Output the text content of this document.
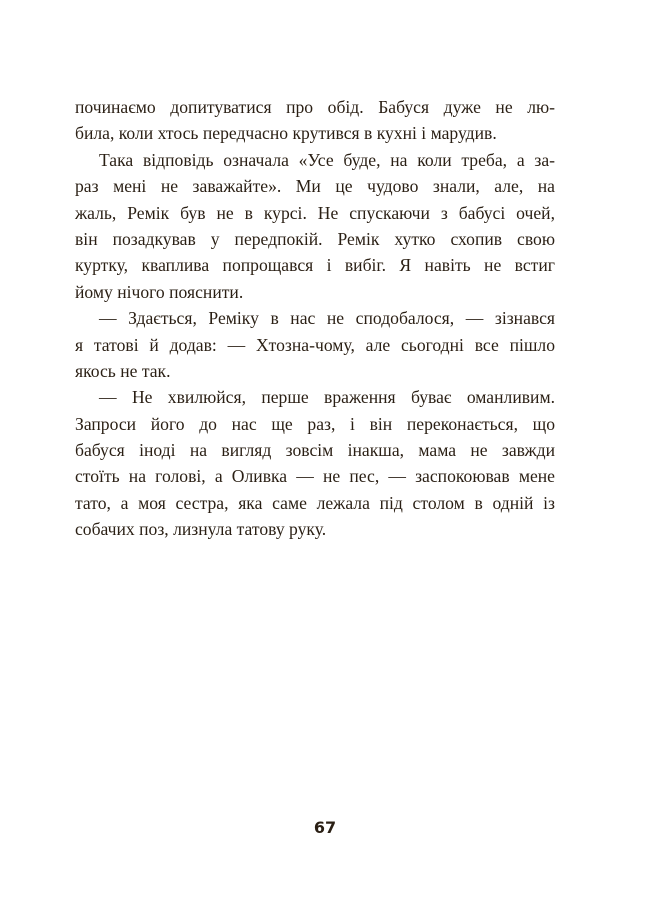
починаємо допитуватися про обід. Бабуся дуже не лю-
била, коли хтось передчасно крутився в кухні і марудив.
Така відповідь означала «Усе буде, на коли треба, а за-
раз мені не заважайте». Ми це чудово знали, але, на
жаль, Ремік був не в курсі. Не спускаючи з бабусі очей,
він позадкував у передпокій. Ремік хутко схопив свою
куртку, кваплива попрощався і вибіг. Я навіть не встиг
йому нічого пояснити.
— Здається, Реміку в нас не сподобалося, — зізнався
я татові й додав: — Хтозна-чому, але сьогодні все пішло
якось не так.
— Не хвилюйся, перше враження буває оманливим.
Запроси його до нас ще раз, і він переконається, що
бабуся іноді на вигляд зовсім інакша, мама не завжди
стоїть на голові, а Оливка — не пес, — заспокоював мене
тато, а моя сестра, яка саме лежала під столом в одній із
собачих поз, лизнула татову руку.
67
